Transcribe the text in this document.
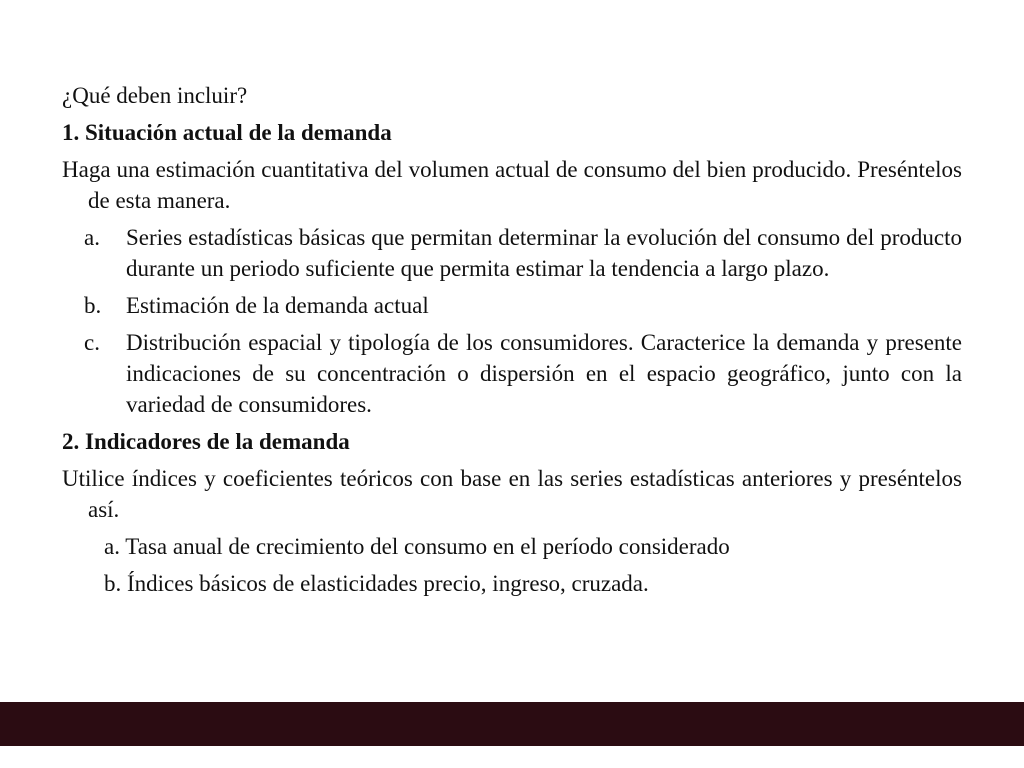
¿Qué deben incluir?

1. Situación actual de la demanda

Haga una estimación cuantitativa del volumen actual de consumo del bien producido. Preséntelos de esta manera.

a.	Series estadísticas básicas que permitan determinar la evolución del consumo del producto durante un periodo suficiente que permita estimar la tendencia a largo plazo.
b.	Estimación de la demanda actual
c.	Distribución espacial y tipología de los consumidores. Caracterice la demanda y presente indicaciones de su concentración o dispersión en el espacio geográfico, junto con la variedad de consumidores.

2. Indicadores de la demanda

Utilice índices y coeficientes teóricos con base en las series estadísticas anteriores y preséntelos así.

a. Tasa anual de crecimiento del consumo en el período considerado

b. Índices básicos de elasticidades precio, ingreso, cruzada.
